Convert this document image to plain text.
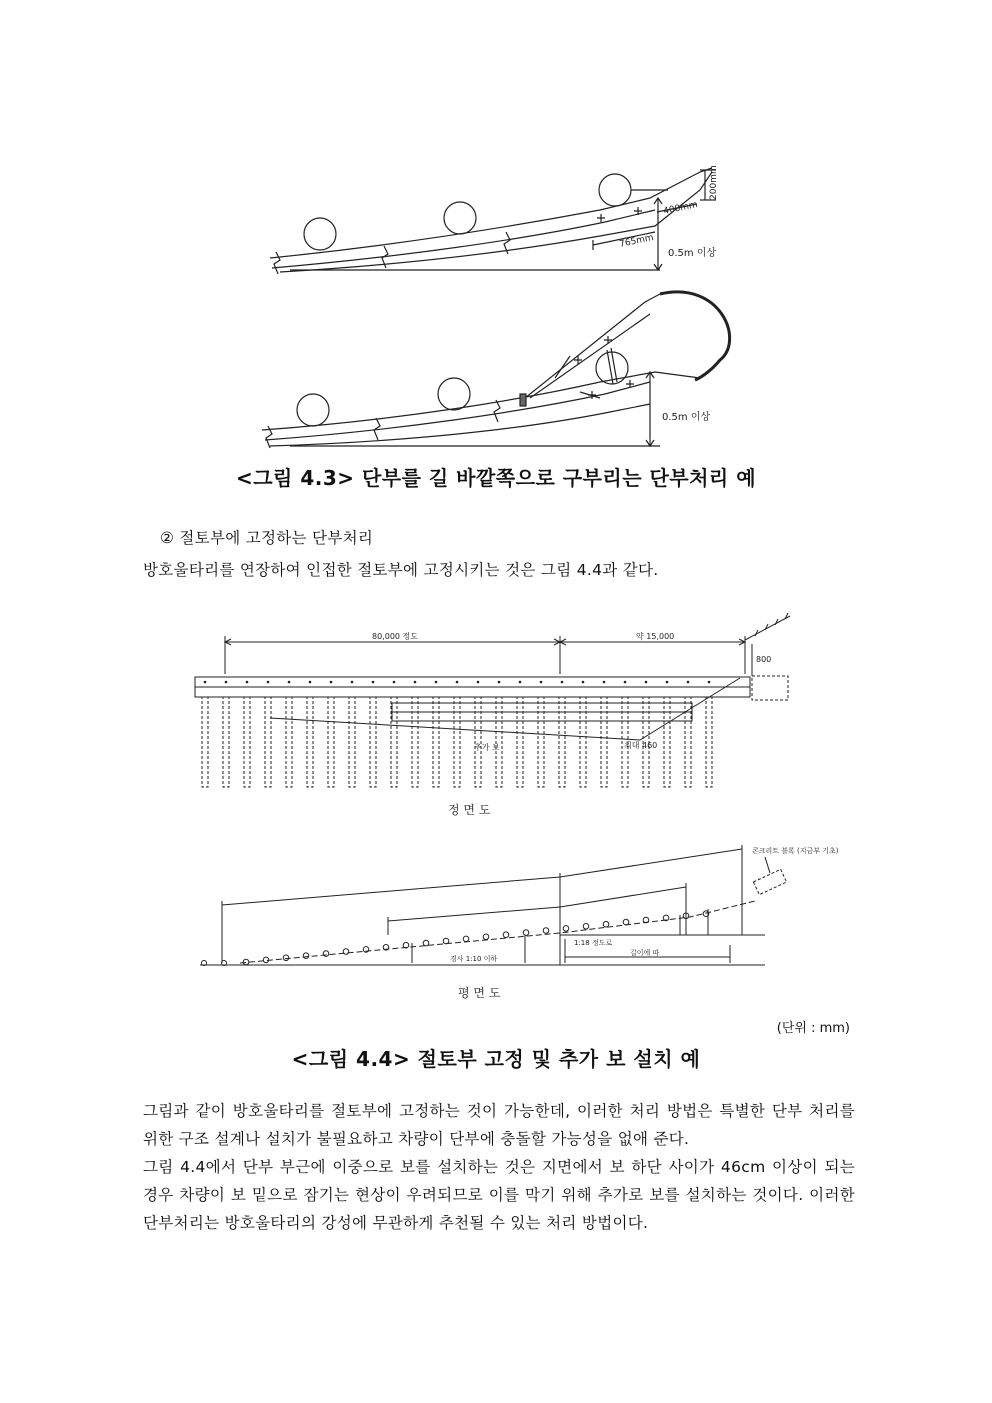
200mm
400mm
765mm
0.5m 이상
0.5m 이상
<그림 4.3> 단부를 길 바깥쪽으로 구부리는 단부처리 예
② 절토부에 고정하는 단부처리
방호울타리를 연장하여 인접한 절토부에 고정시키는 것은 그림 4.4과 같다.
80,000 정도	약 15,000
800
추가 보	최대 460
정 면 도
콘크리트 블록 (지금부 기초)
1:18 정도로
경사 1:10 이하
길이에 따
평 면 도
(단위 : mm)
<그림 4.4> 절토부 고정 및 추가 보 설치 예
그림과 같이 방호울타리를 절토부에 고정하는 것이 가능한데, 이러한 처리 방법은 특별한 단부 처리를 위한 구조 설계나 설치가 불필요하고 차량이 단부에 충돌할 가능성을 없애 준다.
그림 4.4에서 단부 부근에 이중으로 보를 설치하는 것은 지면에서 보 하단 사이가 46cm 이상이 되는 경우 차량이 보 밑으로 잠기는 현상이 우려되므로 이를 막기 위해 추가로 보를 설치하는 것이다. 이러한 단부처리는 방호울타리의 강성에 무관하게 추천될 수 있는 처리 방법이다.
